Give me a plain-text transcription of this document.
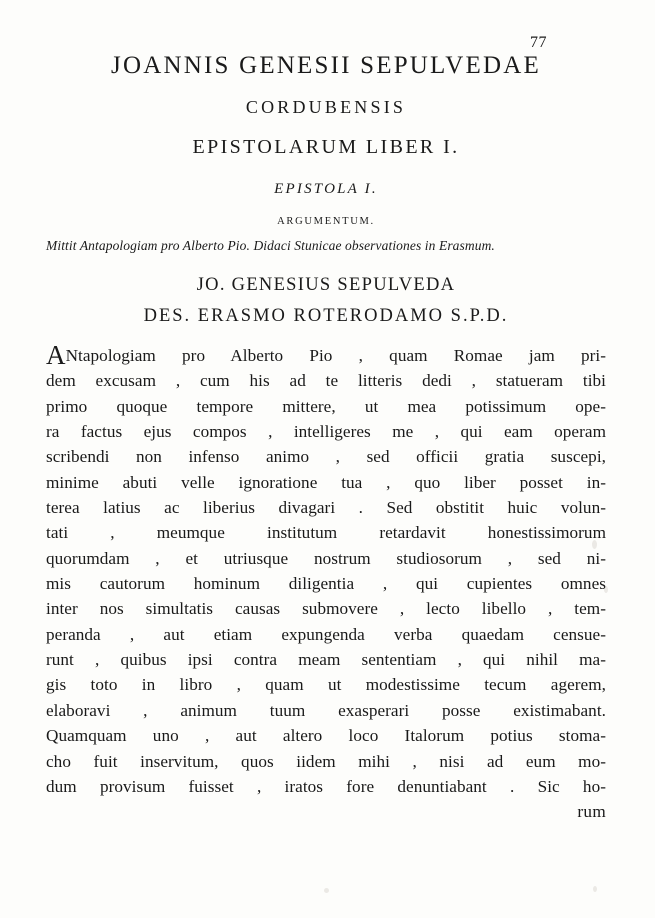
77
JOANNIS GENESII SEPULVEDAE
CORDUBENSIS
EPISTOLARUM LIBER I.
EPISTOLA I.
ARGUMENTUM.
Mittit Antapologiam pro Alberto Pio. Didaci Stunicae observationes in Erasmum.
JO. GENESIUS SEPULVEDA
DES. ERASMO ROTERODAMO S.P.D.

ANtapologiam pro Alberto Pio , quam Romae jam pri-

dem excusam , cum his ad te litteris dedi , statueram tibi

primo quoque tempore mittere, ut mea potissimum ope-

ra factus ejus compos , intelligeres me , qui eam operam

scribendi non infenso animo , sed officii gratia suscepi,

minime abuti velle ignoratione tua , quo liber posset in-

terea latius ac liberius divagari . Sed obstitit huic volun-

tati , meumque institutum retardavit honestissimorum

quorumdam , et utriusque nostrum studiosorum , sed ni-

mis cautorum hominum diligentia , qui cupientes omnes

inter nos simultatis causas submovere , lecto libello , tem-

peranda , aut etiam expungenda verba quaedam censue-

runt , quibus ipsi contra meam sententiam , qui nihil ma-

gis toto in libro , quam ut modestissime tecum agerem,

elaboravi , animum tuum exasperari posse existimabant.

Quamquam uno , aut altero loco Italorum potius stoma-

cho fuit inservitum, quos iidem mihi , nisi ad eum mo-

dum provisum fuisset , iratos fore denuntiabant . Sic ho-

rum
